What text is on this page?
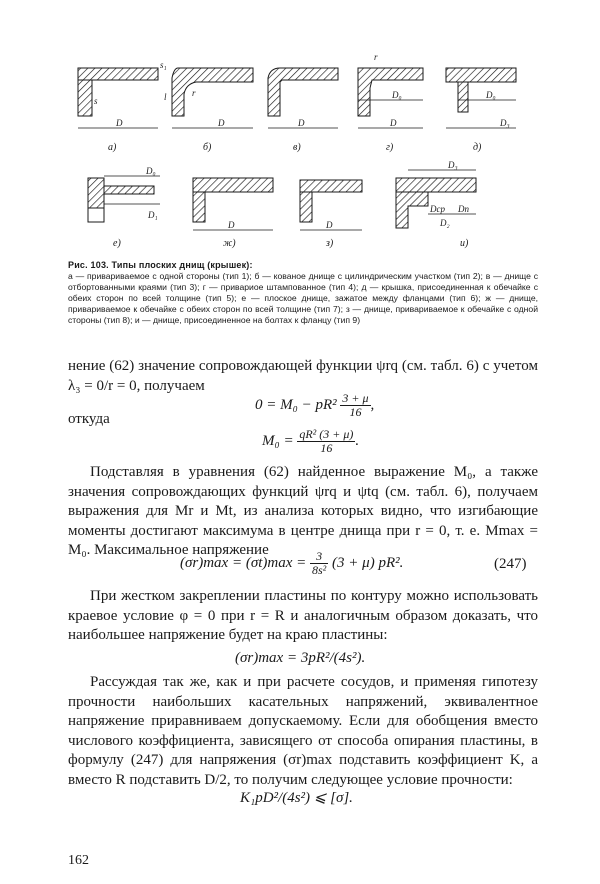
s
s₁
D
а)
l	r
D
б)
D
в)
r
D₀
D
г)
D₀
D₃
д)
D₀
D₁
е)
D
ж)
D
з)
D₃
Dср Dп
D₂
и)
Рис. 103. Типы плоских днищ (крышек):
а — привариваемое с одной стороны (тип 1); б — кованое днище с цилиндрическим участком (тип 2); в — днище с отбортованными краями (тип 3); г — привариое штампованное (тип 4); д — крышка, присоединенная к обечайке с обеих сторон по всей толщине (тип 5); е — плоское днище, зажатое между фланцами (тип 6); ж — днище, привариваемое к обечайке с обеих сторон по всей толщине (тип 7); з — днище, привариваемое к обечайке с одной стороны (тип 8); и — днище, присоединенное на болтах к фланцу (тип 9)
нение (62) значение сопровождающей функции ψrq (см. табл. 6) с учетом λ₃ = 0/r = 0, получаем
$0 = M_0 - pR^2 \frac{3 + \mu}{16}$ ,
откуда
$M_0 = \frac{\text{qR² (3 + μ)}}{16}$ .
Подставляя в уравнения (62) найденное выражение M₀, а также значения сопровождающих функций ψrq и ψtq (см. табл. 6), получаем выражения для Mr и Mt, из анализа которых видно, что изгибающие моменты достигают максимума в центре днища при r = 0, т. е. Mmax = M₀. Максимальное напряжение
$(\sigma r)\max = (\sigma t)\max = \frac{3}{\text{8s²}} (3 + \mu)$ pR².	(247)
При жестком закреплении пластины по контуру можно использовать краевое условие φ = 0 при r = R и аналогичным образом доказать, что наибольшее напряжение будет на краю пластины:
(σr)max = 3pR²/(4s²).
Рассуждая так же, как и при расчете сосудов, и применяя гипотезу прочности наибольших касательных напряжений, эквивалентное напряжение приравниваем допускаемому. Если для обобщения вместо числового коэффициента, зависящего от способа опирания пластины, в формулу (247) для напряжения (σr)max подставить коэффициент K, а вместо R подставить D/2, то получим следующее условие прочности:
K₁pD²/(4s²) ⩽ [σ].
162
